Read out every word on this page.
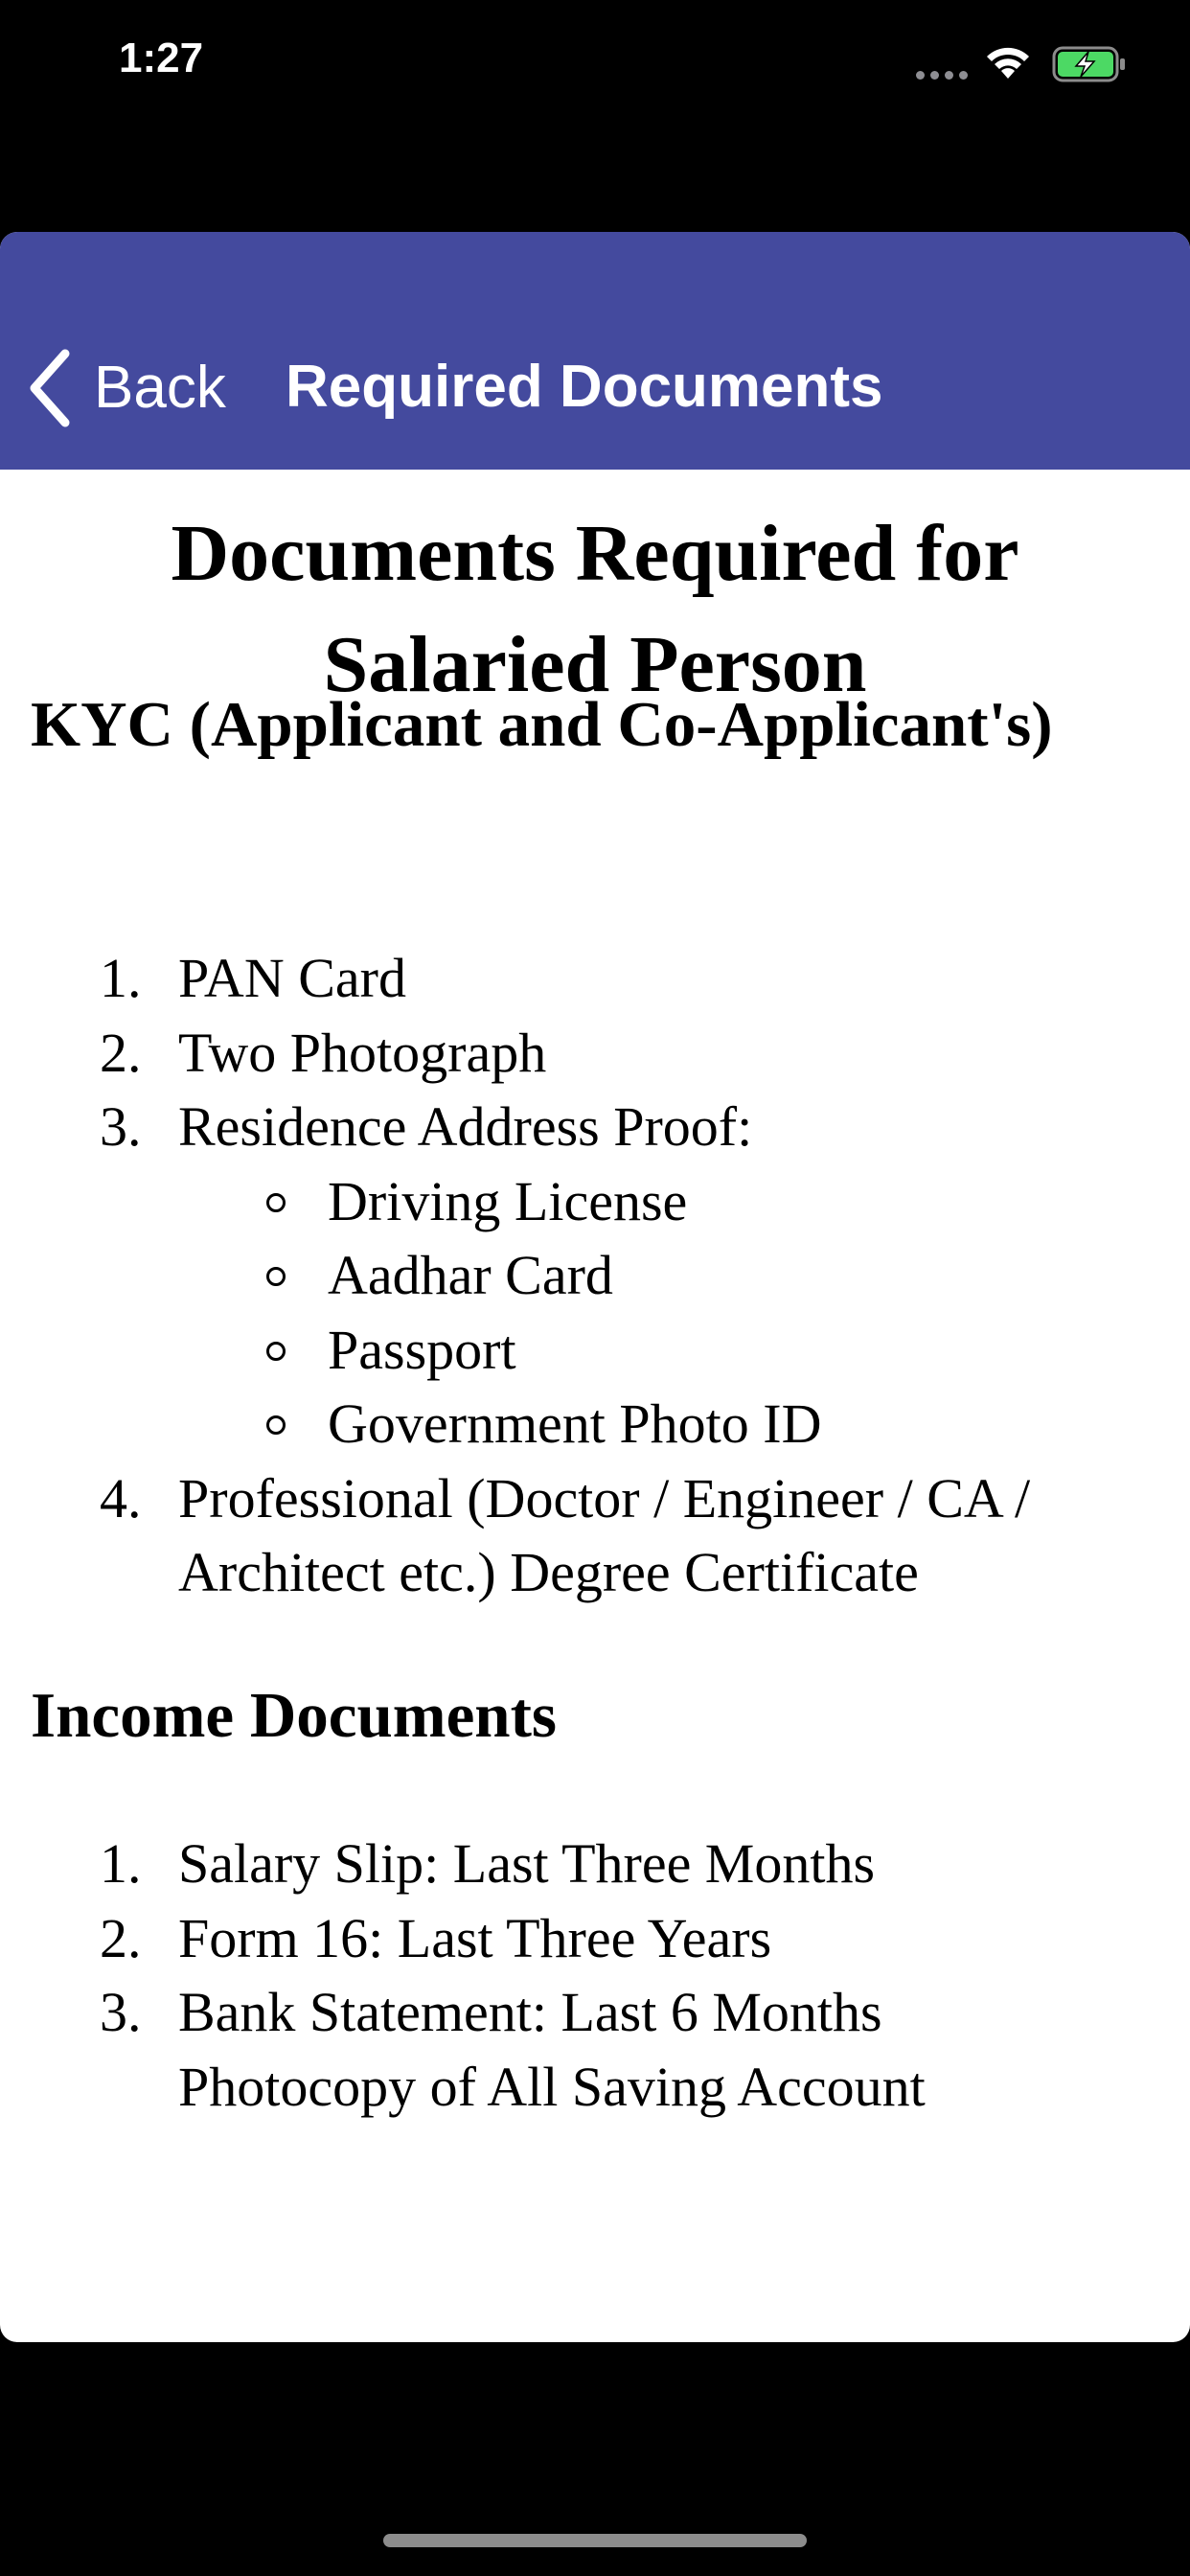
1:27
Back Required Documents
Documents Required for
Salaried Person
KYC (Applicant and Co-Applicant's)
1. PAN Card
2. Two Photograph
3. Residence Address Proof:
Driving License
Aadhar Card
Passport
Government Photo ID
4. Professional (Doctor / Engineer / CA / Architect etc.) Degree Certificate
Income Documents
1. Salary Slip: Last Three Months
2. Form 16: Last Three Years
3. Bank Statement: Last 6 Months Photocopy of All Saving Account
